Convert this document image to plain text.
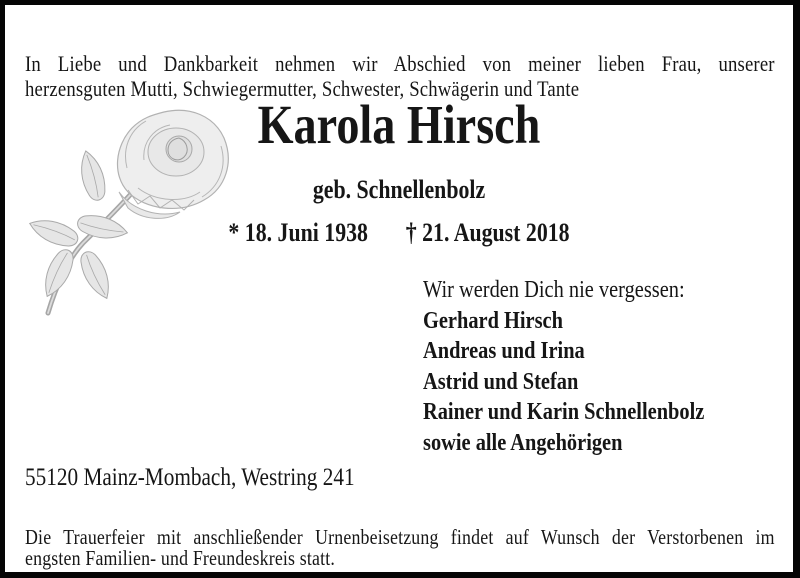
In Liebe und Dankbarkeit nehmen wir Abschied von meiner lieben Frau, unserer
herzensguten Mutti, Schwiegermutter, Schwester, Schwägerin und Tante

Karola Hirsch
geb. Schnellenbolz
* 18. Juni 1938 † 21. August 2018
Wir werden Dich nie vergessen:
Gerhard Hirsch
Andreas und Irina
Astrid und Stefan
Rainer und Karin Schnellenbolz
sowie alle Angehörigen
55120 Mainz-Mombach, Westring 241

Die Trauerfeier mit anschließender Urnenbeisetzung findet auf Wunsch der Verstorbenen im
engsten Familien- und Freundeskreis statt.
